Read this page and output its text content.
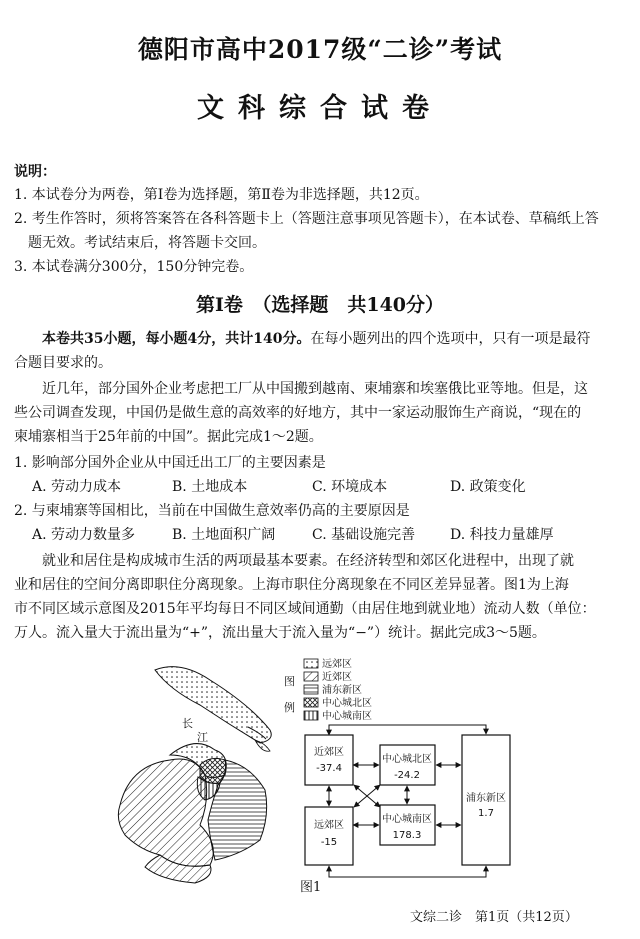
德阳市高中2017级“二诊”考试
文科综合试卷
说明：
1. 本试卷分为两卷，第Ⅰ卷为选择题，第Ⅱ卷为非选择题，共12页。
2. 考生作答时，须将答案答在各科答题卡上（答题注意事项见答题卡），在本试卷、草稿纸上答
题无效。考试结束后，将答题卡交回。
3. 本试卷满分300分，150分钟完卷。
第Ⅰ卷　（选择题　共140分）
本卷共35小题，每小题4分，共计140分。在每小题列出的四个选项中，只有一项是最符
合题目要求的。
近几年，部分国外企业考虑把工厂从中国搬到越南、柬埔寨和埃塞俄比亚等地。但是，这
些公司调查发现，中国仍是做生意的高效率的好地方，其中一家运动服饰生产商说，“现在的
柬埔寨相当于25年前的中国”。据此完成1～2题。
1. 影响部分国外企业从中国迁出工厂的主要因素是
A. 劳动力成本	B. 土地成本	C. 环境成本	D. 政策变化
2. 与柬埔寨等国相比，当前在中国做生意效率仍高的主要原因是
A. 劳动力数量多	B. 土地面积广阔	C. 基础设施完善 D. 科技力量雄厚
就业和居住是构成城市生活的两项最基本要素。在经济转型和郊区化进程中，出现了就
业和居住的空间分离即职住分离现象。上海市职住分离现象在不同区差异显著。图1为上海
市不同区域示意图及2015年平均每日不同区域间通勤（由居住地到就业地）流动人数（单位：
万人。流入量大于流出量为“+”，流出量大于流入量为“−”）统计。据此完成3～5题。
长
江
图
例
远郊区
近郊区
浦东新区
中心城北区
中心城南区
近郊区
-37.4
中心城北区
-24.2
远郊区
-15
中心城南区
178.3
浦东新区
1.7
图1
文综二诊　第1页（共12页）
